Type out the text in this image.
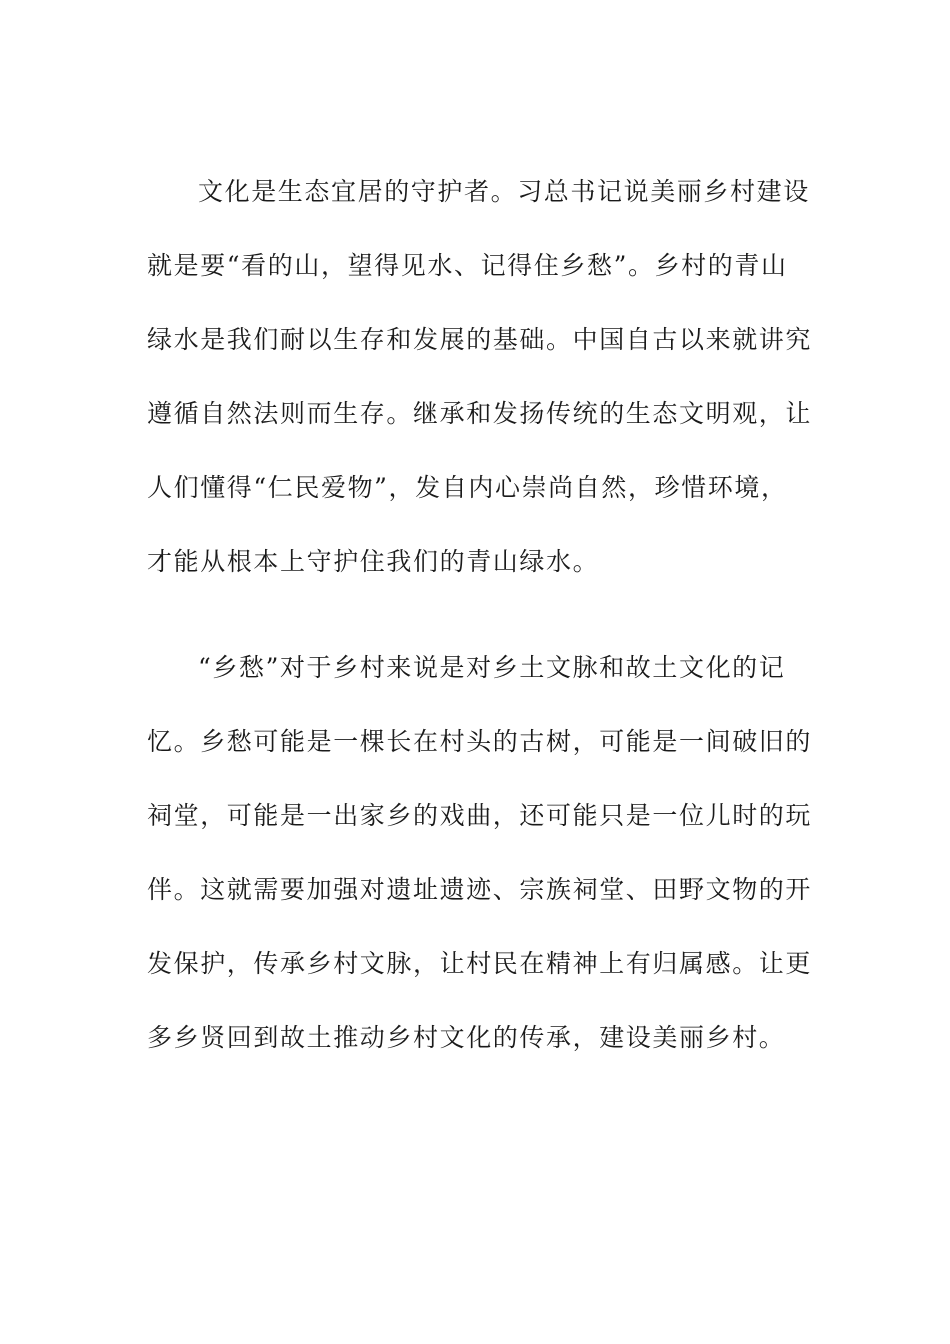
文化是生态宜居的守护者。习总书记说美丽乡村建设
就是要“看的山，望得见水、记得住乡愁”。乡村的青山
绿水是我们耐以生存和发展的基础。中国自古以来就讲究
遵循自然法则而生存。继承和发扬传统的生态文明观，让
人们懂得“仁民爱物”，发自内心崇尚自然，珍惜环境，
才能从根本上守护住我们的青山绿水。
“乡愁”对于乡村来说是对乡土文脉和故土文化的记
忆。乡愁可能是一棵长在村头的古树，可能是一间破旧的
祠堂，可能是一出家乡的戏曲，还可能只是一位儿时的玩
伴。这就需要加强对遗址遗迹、宗族祠堂、田野文物的开
发保护，传承乡村文脉，让村民在精神上有归属感。让更
多乡贤回到故土推动乡村文化的传承，建设美丽乡村。
